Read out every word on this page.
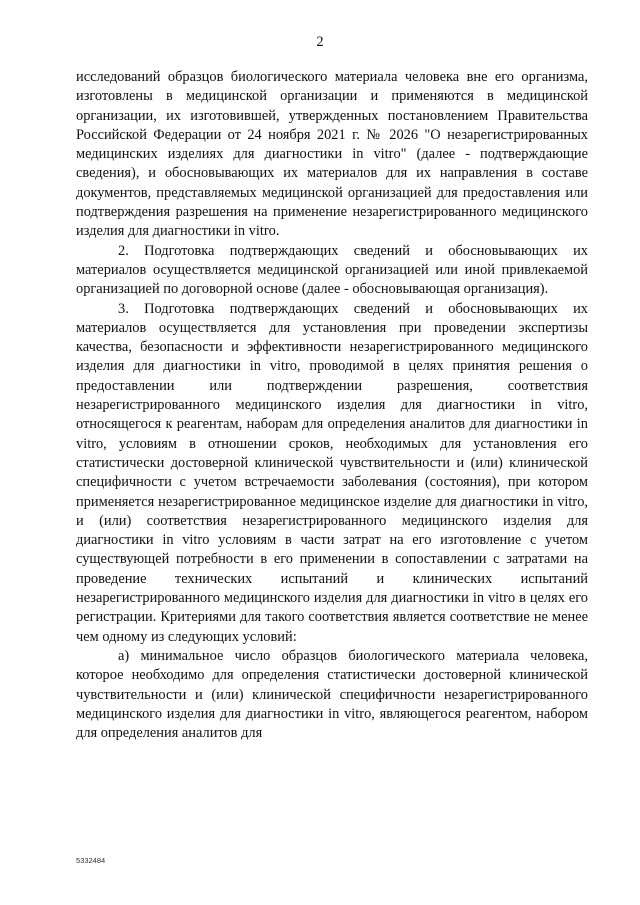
2

исследований образцов биологического материала человека вне его организма, изготовлены в медицинской организации и применяются в медицинской организации, их изготовившей, утвержденных постановлением Правительства Российской Федерации от 24 ноября 2021 г. № 2026 "О незарегистрированных медицинских изделиях для диагностики in vitro" (далее - подтверждающие сведения), и обосновывающих их материалов для их направления в составе документов, представляемых медицинской организацией для предоставления или подтверждения разрешения на применение незарегистрированного медицинского изделия для диагностики in vitro.

2. Подготовка подтверждающих сведений и обосновывающих их материалов осуществляется медицинской организацией или иной привлекаемой организацией по договорной основе (далее - обосновывающая организация).

3. Подготовка подтверждающих сведений и обосновывающих их материалов осуществляется для установления при проведении экспертизы качества, безопасности и эффективности незарегистрированного медицинского изделия для диагностики in vitro, проводимой в целях принятия решения о предоставлении или подтверждении разрешения, соответствия незарегистрированного медицинского изделия для диагностики in vitro, относящегося к реагентам, наборам для определения аналитов для диагностики in vitro, условиям в отношении сроков, необходимых для установления его статистически достоверной клинической чувствительности и (или) клинической специфичности с учетом встречаемости заболевания (состояния), при котором применяется незарегистрированное медицинское изделие для диагностики in vitro, и (или) соответствия незарегистрированного медицинского изделия для диагностики in vitro условиям в части затрат на его изготовление с учетом существующей потребности в его применении в сопоставлении с затратами на проведение технических испытаний и клинических испытаний незарегистрированного медицинского изделия для диагностики in vitro в целях его регистрации. Критериями для такого соответствия является соответствие не менее чем одному из следующих условий:

а) минимальное число образцов биологического материала человека, которое необходимо для определения статистически достоверной клинической чувствительности и (или) клинической специфичности незарегистрированного медицинского изделия для диагностики in vitro, являющегося реагентом, набором для определения аналитов для

5332484
